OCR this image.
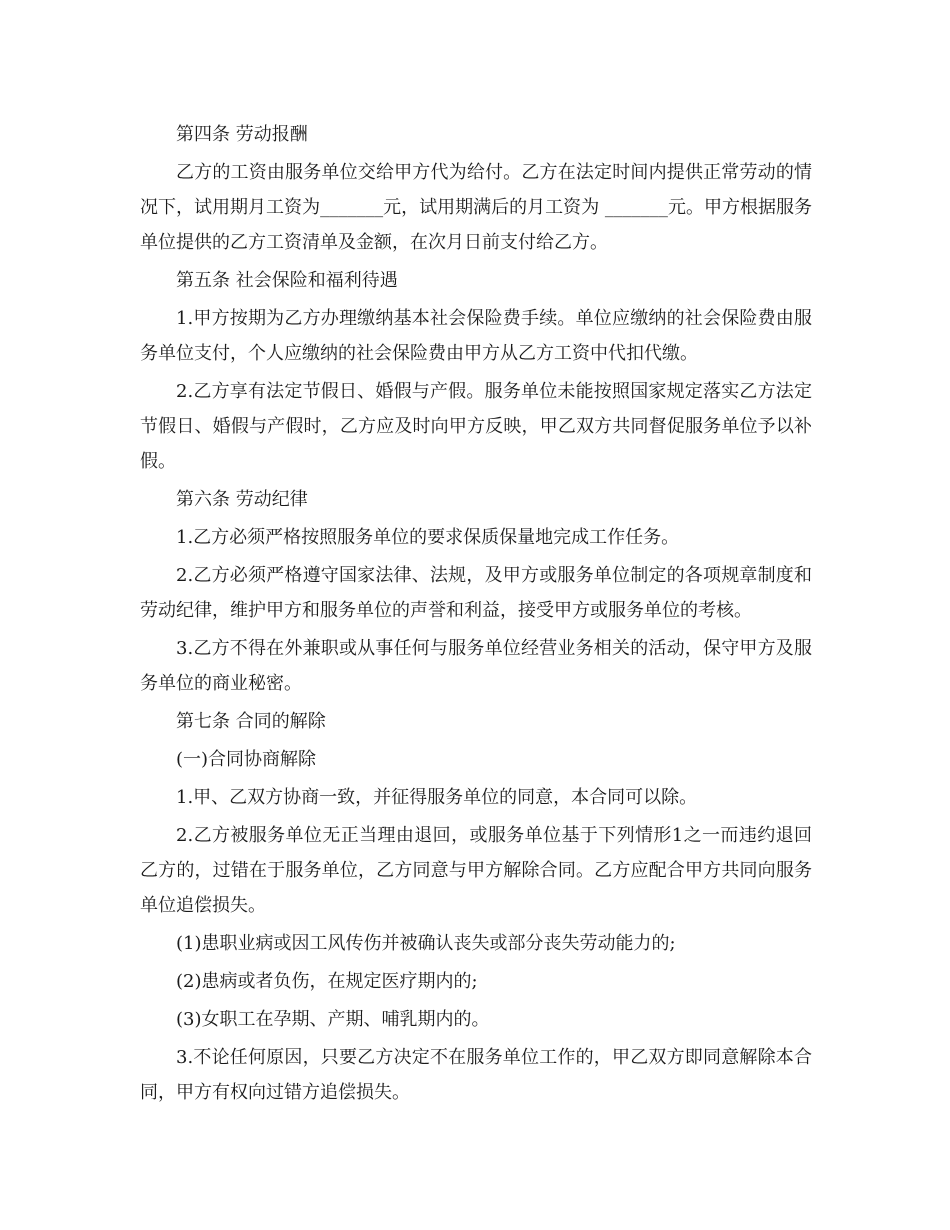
第四条 劳动报酬

乙方的工资由服务单位交给甲方代为给付。乙方在法定时间内提供正常劳动的情况下，试用期月工资为_______元，试用期满后的月工资为 _______元。甲方根据服务单位提供的乙方工资清单及金额，在次月日前支付给乙方。

第五条 社会保险和福利待遇

1.甲方按期为乙方办理缴纳基本社会保险费手续。单位应缴纳的社会保险费由服务单位支付，个人应缴纳的社会保险费由甲方从乙方工资中代扣代缴。

2.乙方享有法定节假日、婚假与产假。服务单位未能按照国家规定落实乙方法定节假日、婚假与产假时，乙方应及时向甲方反映，甲乙双方共同督促服务单位予以补假。

第六条 劳动纪律

1.乙方必须严格按照服务单位的要求保质保量地完成工作任务。

2.乙方必须严格遵守国家法律、法规，及甲方或服务单位制定的各项规章制度和劳动纪律，维护甲方和服务单位的声誉和利益，接受甲方或服务单位的考核。

3.乙方不得在外兼职或从事任何与服务单位经营业务相关的活动，保守甲方及服务单位的商业秘密。

第七条 合同的解除

(一)合同协商解除

1.甲、乙双方协商一致，并征得服务单位的同意，本合同可以除。

2.乙方被服务单位无正当理由退回，或服务单位基于下列情形1之一而违约退回乙方的，过错在于服务单位，乙方同意与甲方解除合同。乙方应配合甲方共同向服务单位追偿损失。

(1)患职业病或因工风传伤并被确认丧失或部分丧失劳动能力的;

(2)患病或者负伤，在规定医疗期内的;

(3)女职工在孕期、产期、哺乳期内的。

3.不论任何原因，只要乙方决定不在服务单位工作的，甲乙双方即同意解除本合同，甲方有权向过错方追偿损失。
